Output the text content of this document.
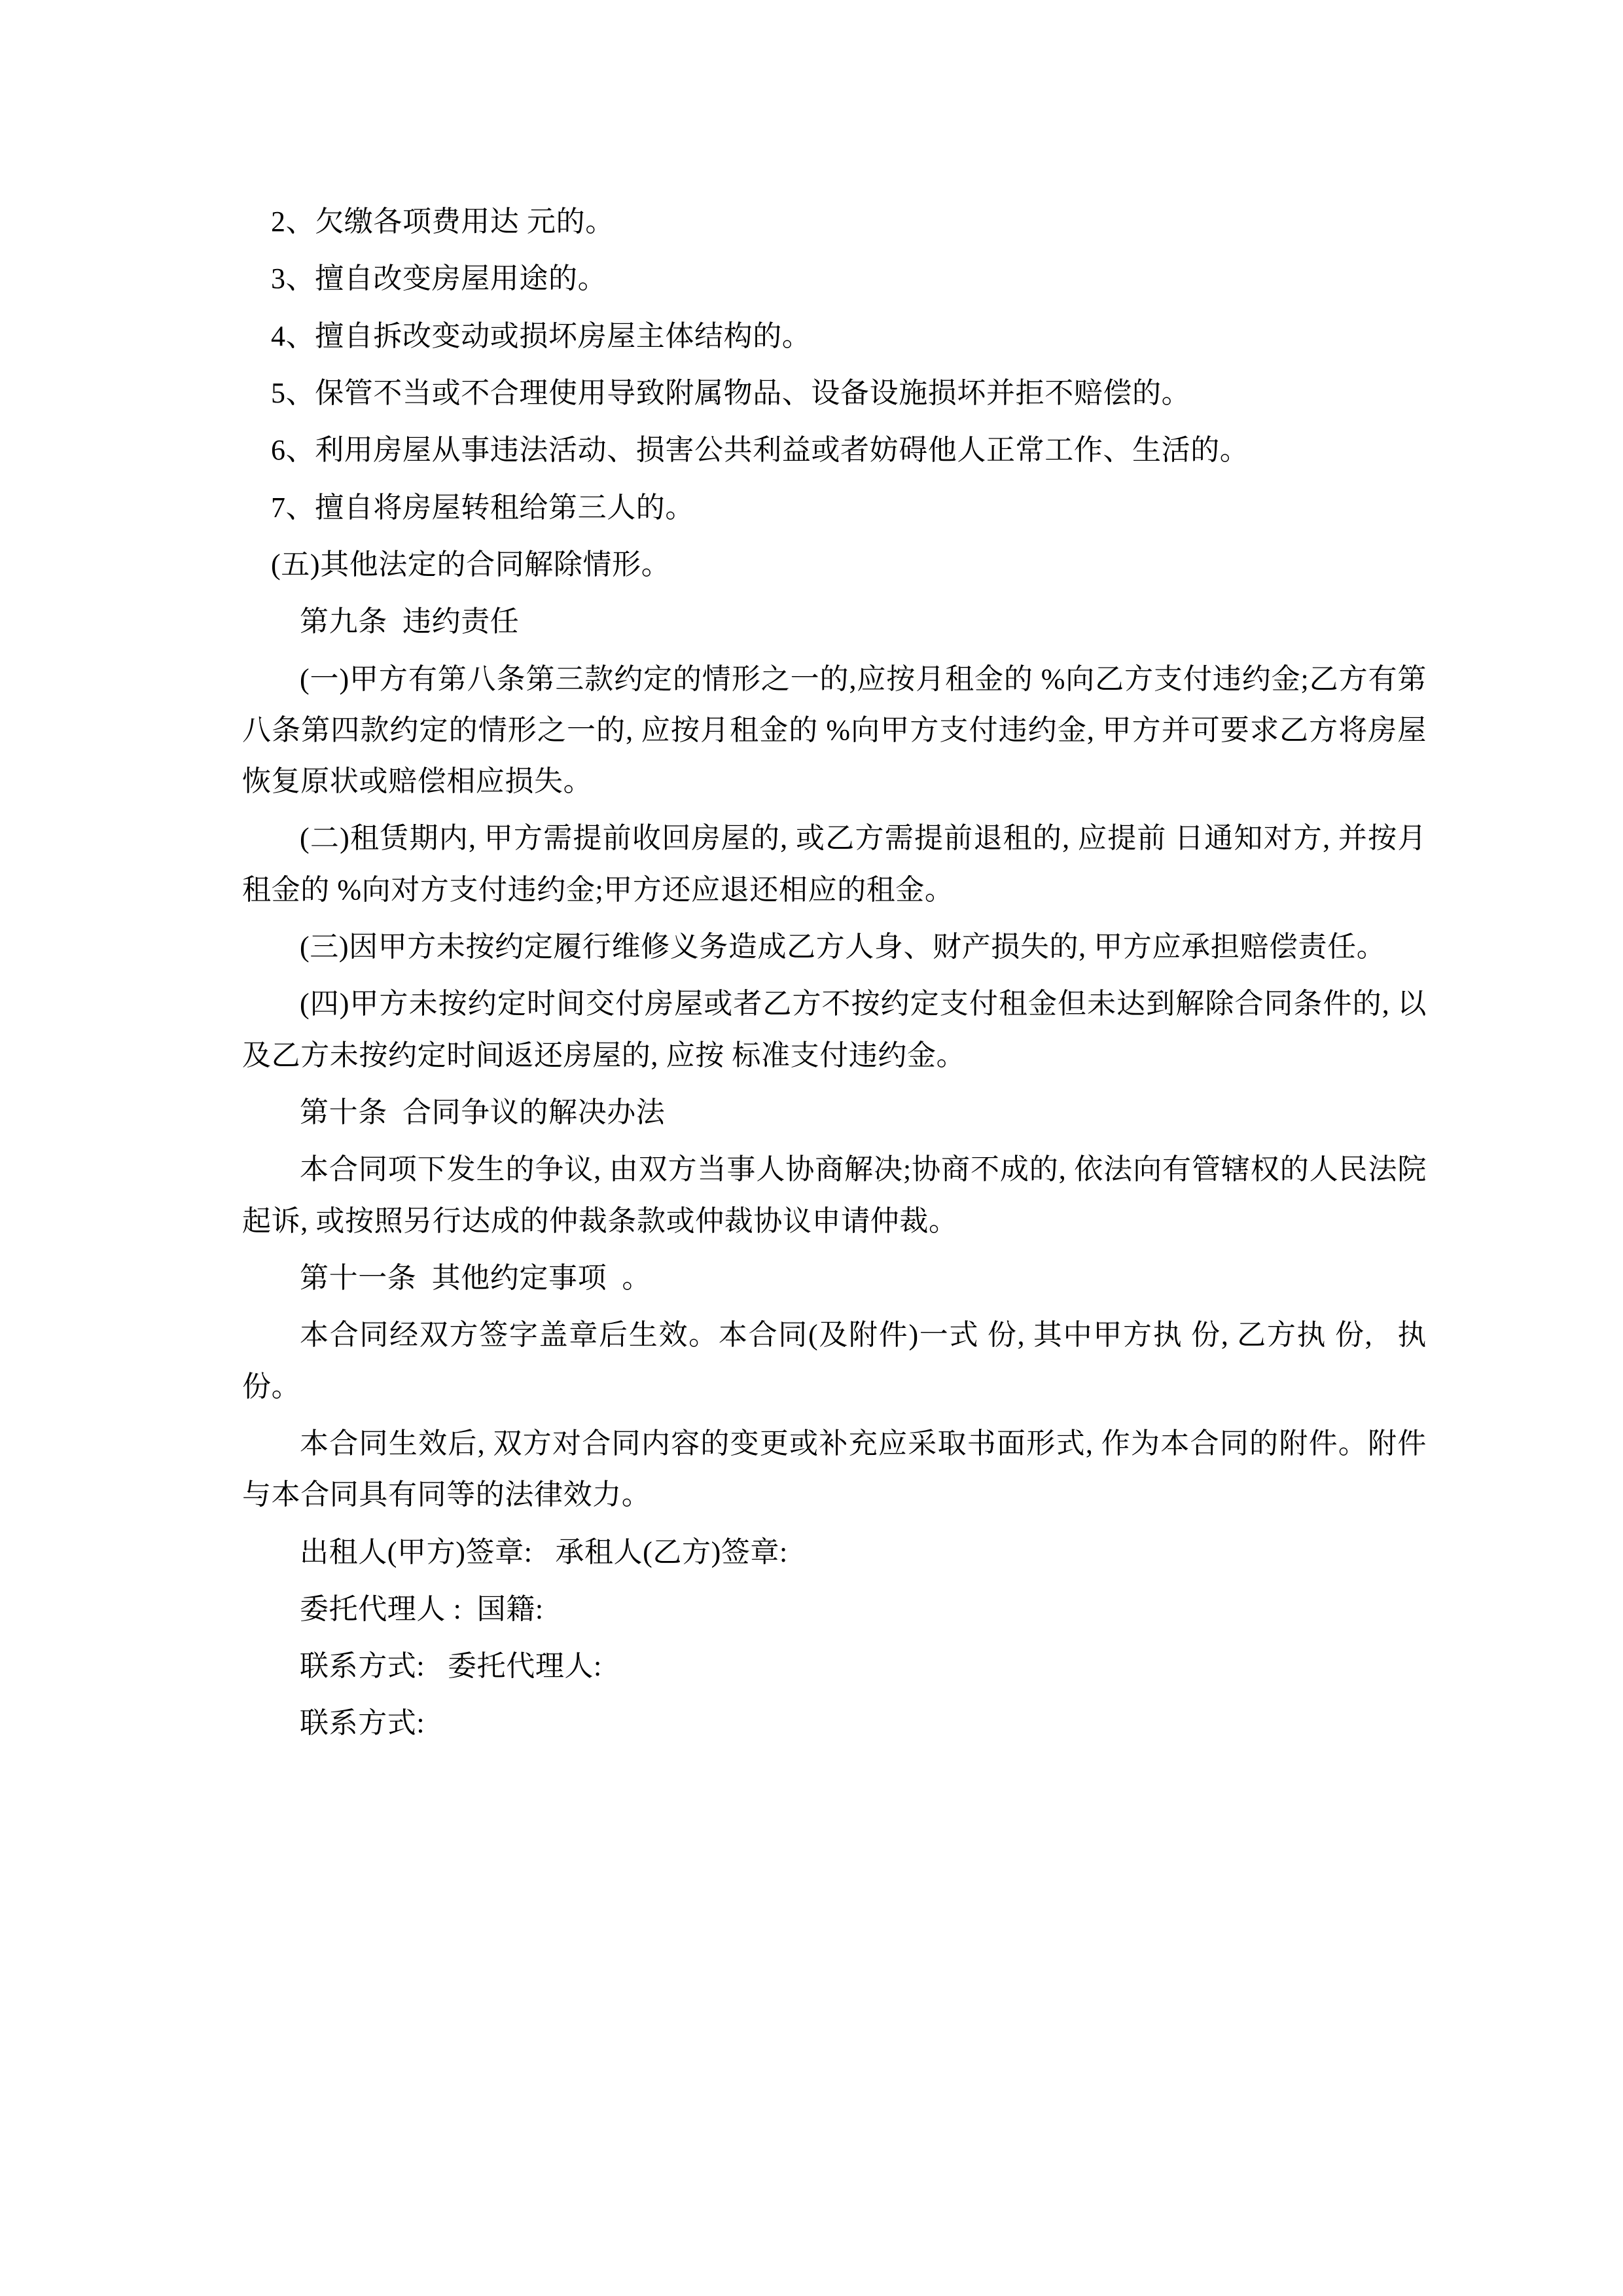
2、欠缴各项费用达 元的。

3、擅自改变房屋用途的。

4、擅自拆改变动或损坏房屋主体结构的。

5、保管不当或不合理使用导致附属物品、设备设施损坏并拒不赔偿的。

6、利用房屋从事违法活动、损害公共利益或者妨碍他人正常工作、生活的。

7、擅自将房屋转租给第三人的。

(五)其他法定的合同解除情形。

第九条  违约责任

(一)甲方有第八条第三款约定的情形之一的,应按月租金的 %向乙方支付违约金;乙方有第八条第四款约定的情形之一的, 应按月租金的 %向甲方支付违约金, 甲方并可要求乙方将房屋恢复原状或赔偿相应损失。

(二)租赁期内, 甲方需提前收回房屋的, 或乙方需提前退租的, 应提前 日通知对方, 并按月租金的 %向对方支付违约金;甲方还应退还相应的租金。

(三)因甲方未按约定履行维修义务造成乙方人身、财产损失的, 甲方应承担赔偿责任。

(四)甲方未按约定时间交付房屋或者乙方不按约定支付租金但未达到解除合同条件的, 以及乙方未按约定时间返还房屋的, 应按 标准支付违约金。

第十条  合同争议的解决办法

本合同项下发生的争议, 由双方当事人协商解决;协商不成的, 依法向有管辖权的人民法院起诉, 或按照另行达成的仲裁条款或仲裁协议申请仲裁。

第十一条  其他约定事项  。

本合同经双方签字盖章后生效。本合同(及附件)一式 份, 其中甲方执 份, 乙方执 份,   执 份。

本合同生效后, 双方对合同内容的变更或补充应采取书面形式, 作为本合同的附件。附件与本合同具有同等的法律效力。

出租人(甲方)签章:   承租人(乙方)签章:

委托代理人 :  国籍:

联系方式:   委托代理人:

联系方式:
